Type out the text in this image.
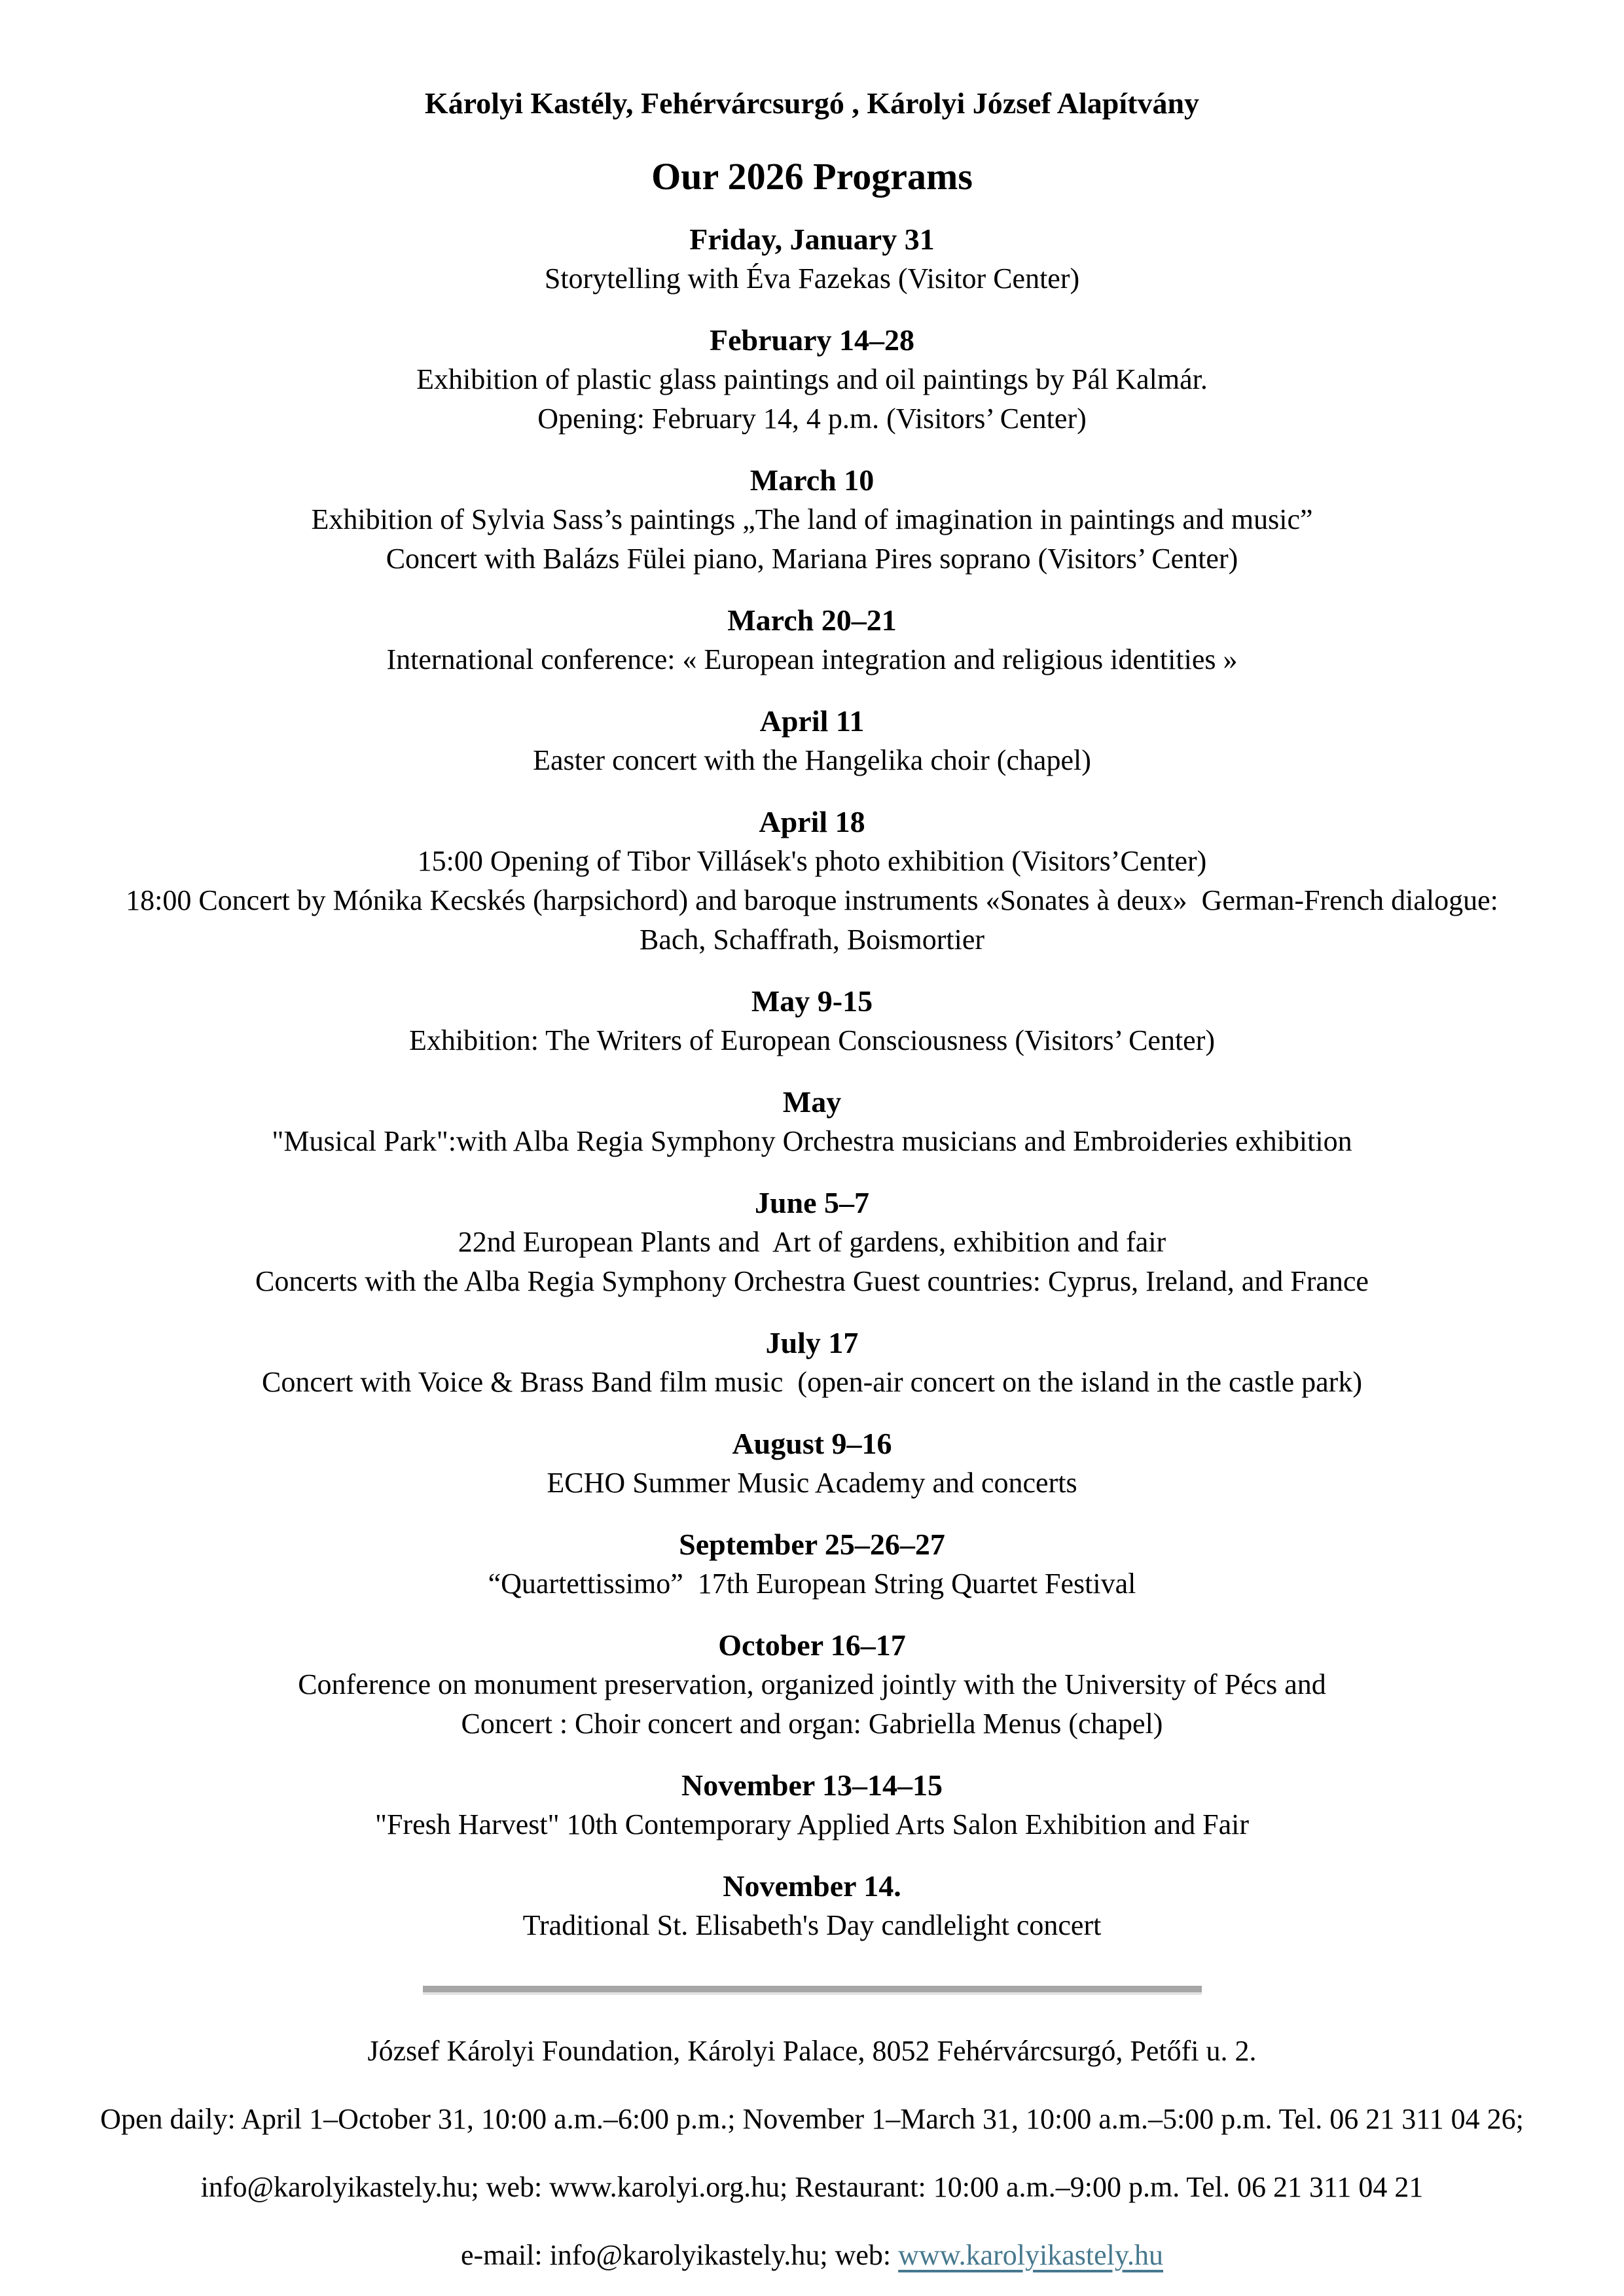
Károlyi Kastély, Fehérvárcsurgó , Károlyi József Alapítvány

Our 2026 Programs
Friday, January 31
Storytelling with Éva Fazekas (Visitor Center)
February 14–28
Exhibition of plastic glass paintings and oil paintings by Pál Kalmár.
Opening: February 14, 4 p.m. (Visitors’ Center)
March 10
Exhibition of Sylvia Sass’s paintings „The land of imagination in paintings and music”
Concert with Balázs Fülei piano, Mariana Pires soprano (Visitors’ Center)
March 20–21
International conference: « European integration and religious identities »
April 11
Easter concert with the Hangelika choir (chapel)
April 18
15:00 Opening of Tibor Villásek's photo exhibition (Visitors’Center)
18:00 Concert by Mónika Kecskés (harpsichord) and baroque instruments «Sonates à deux»  German-French dialogue:
Bach, Schaffrath, Boismortier
May 9-15
Exhibition: The Writers of European Consciousness (Visitors’ Center)
May
"Musical Park":with Alba Regia Symphony Orchestra musicians and Embroideries exhibition
June 5–7
22nd European Plants and  Art of gardens, exhibition and fair
Concerts with the Alba Regia Symphony Orchestra Guest countries: Cyprus, Ireland, and France
July 17
Concert with Voice & Brass Band film music  (open-air concert on the island in the castle park)
August 9–16
ECHO Summer Music Academy and concerts
September 25–26–27
“Quartettissimo”  17th European String Quartet Festival
October 16–17
Conference on monument preservation, organized jointly with the University of Pécs and
Concert : Choir concert and organ: Gabriella Menus (chapel)
November 13–14–15
"Fresh Harvest" 10th Contemporary Applied Arts Salon Exhibition and Fair
November 14.
Traditional St. Elisabeth's Day candlelight concert

József Károlyi Foundation, Károlyi Palace, 8052 Fehérvárcsurgó, Petőfi u. 2.

Open daily: April 1–October 31, 10:00 a.m.–6:00 p.m.; November 1–March 31, 10:00 a.m.–5:00 p.m. Tel. 06 21 311 04 26;

info@karolyikastely.hu; web: www.karolyi.org.hu; Restaurant: 10:00 a.m.–9:00 p.m. Tel. 06 21 311 04 21

e-mail: info@karolyikastely.hu; web: www.karolyikastely.hu
